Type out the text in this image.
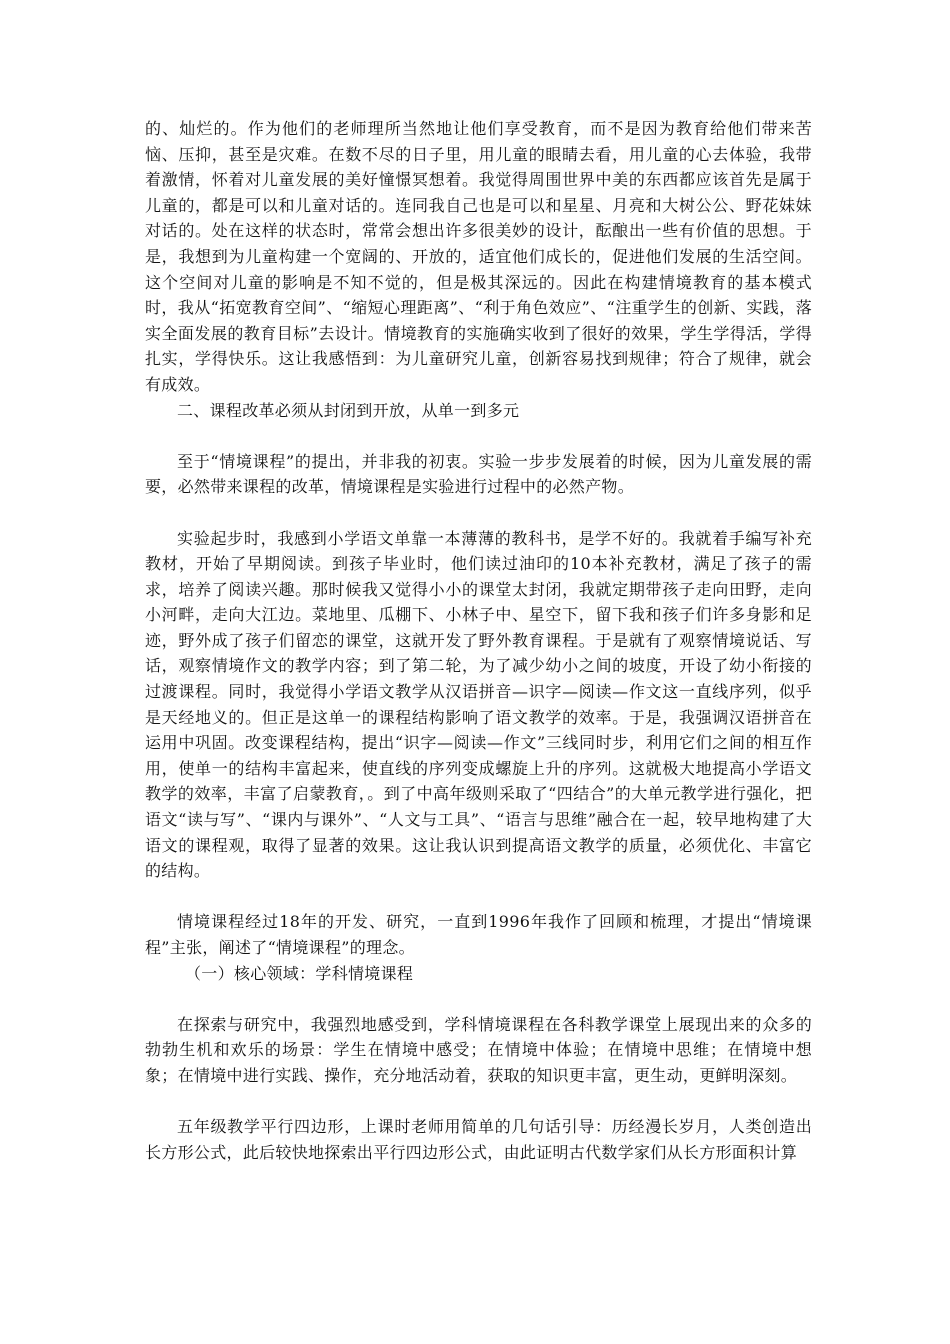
的、灿烂的。作为他们的老师理所当然地让他们享受教育，而不是因为教育给他们带来苦恼、压抑，甚至是灾难。在数不尽的日子里，用儿童的眼睛去看，用儿童的心去体验，我带着激情，怀着对儿童发展的美好憧憬冥想着。我觉得周围世界中美的东西都应该首先是属于儿童的，都是可以和儿童对话的。连同我自己也是可以和星星、月亮和大树公公、野花妹妹对话的。处在这样的状态时，常常会想出许多很美妙的设计，酝酿出一些有价值的思想。于是，我想到为儿童构建一个宽阔的、开放的，适宜他们成长的，促进他们发展的生活空间。这个空间对儿童的影响是不知不觉的，但是极其深远的。因此在构建情境教育的基本模式时，我从“拓宽教育空间”、“缩短心理距离”、“利于角色效应”、“注重学生的创新、实践，落实全面发展的教育目标”去设计。情境教育的实施确实收到了很好的效果，学生学得活，学得扎实，学得快乐。这让我感悟到：为儿童研究儿童，创新容易找到规律；符合了规律，就会有成效。

二、课程改革必须从封闭到开放，从单一到多元

至于“情境课程”的提出，并非我的初衷。实验一步步发展着的时候，因为儿童发展的需要，必然带来课程的改革，情境课程是实验进行过程中的必然产物。

实验起步时，我感到小学语文单靠一本薄薄的教科书，是学不好的。我就着手编写补充教材，开始了早期阅读。到孩子毕业时，他们读过油印的10本补充教材，满足了孩子的需求，培养了阅读兴趣。那时候我又觉得小小的课堂太封闭，我就定期带孩子走向田野，走向小河畔，走向大江边。菜地里、瓜棚下、小林子中、星空下，留下我和孩子们许多身影和足迹，野外成了孩子们留恋的课堂，这就开发了野外教育课程。于是就有了观察情境说话、写话，观察情境作文的教学内容；到了第二轮，为了减少幼小之间的坡度，开设了幼小衔接的过渡课程。同时，我觉得小学语文教学从汉语拼音—识字—阅读—作文这一直线序列，似乎是天经地义的。但正是这单一的课程结构影响了语文教学的效率。于是，我强调汉语拼音在运用中巩固。改变课程结构，提出“识字—阅读—作文”三线同时步，利用它们之间的相互作用，使单一的结构丰富起来，使直线的序列变成螺旋上升的序列。这就极大地提高小学语文教学的效率，丰富了启蒙教育，。到了中高年级则采取了“四结合”的大单元教学进行强化，把语文“读与写”、“课内与课外”、“人文与工具”、“语言与思维”融合在一起，较早地构建了大语文的课程观，取得了显著的效果。这让我认识到提高语文教学的质量，必须优化、丰富它的结构。

情境课程经过18年的开发、研究，一直到1996年我作了回顾和梳理，才提出“情境课程”主张，阐述了“情境课程”的理念。

（一）核心领域：学科情境课程

在探索与研究中，我强烈地感受到，学科情境课程在各科教学课堂上展现出来的众多的勃勃生机和欢乐的场景：学生在情境中感受；在情境中体验；在情境中思维；在情境中想象；在情境中进行实践、操作，充分地活动着，获取的知识更丰富，更生动，更鲜明深刻。

五年级教学平行四边形，上课时老师用简单的几句话引导：历经漫长岁月，人类创造出长方形公式，此后较快地探索出平行四边形公式，由此证明古代数学家们从长方形面积计算
